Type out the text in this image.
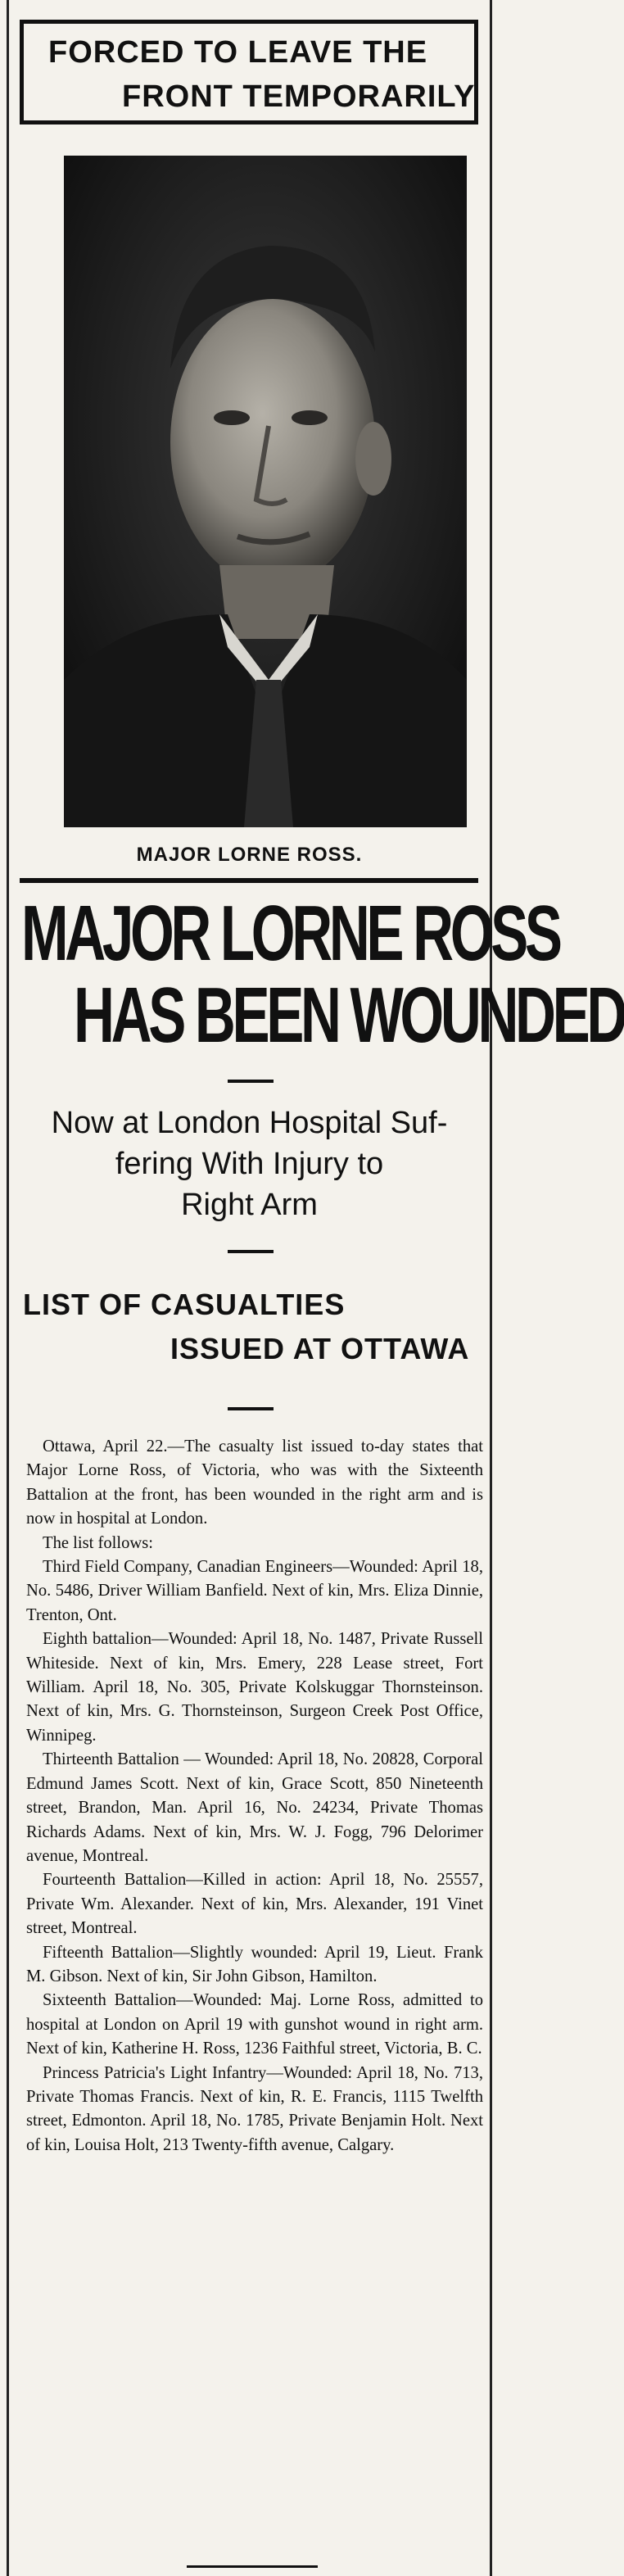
FORCED TO LEAVE THE
FRONT TEMPORARILY
MAJOR LORNE ROSS.
MAJOR LORNE ROSS
HAS BEEN WOUNDED
Now at London Hospital Suf-
fering With Injury to
Right Arm
LIST OF CASUALTIES
ISSUED AT OTTAWA

Ottawa, April 22.—The casualty list issued to-day states that Major Lorne Ross, of Victoria, who was with the Sixteenth Battalion at the front, has been wounded in the right arm and is now in hospital at London.

The list follows:

Third Field Company, Canadian Engineers—Wounded: April 18, No. 5486, Driver William Banfield. Next of kin, Mrs. Eliza Dinnie, Trenton, Ont.

Eighth battalion—Wounded: April 18, No. 1487, Private Russell Whiteside. Next of kin, Mrs. Emery, 228 Lease street, Fort William. April 18, No. 305, Private Kolskuggar Thornsteinson. Next of kin, Mrs. G. Thornsteinson, Surgeon Creek Post Office, Winnipeg.

Thirteenth Battalion — Wounded: April 18, No. 20828, Corporal Edmund James Scott. Next of kin, Grace Scott, 850 Nineteenth street, Brandon, Man. April 16, No. 24234, Private Thomas Richards Adams. Next of kin, Mrs. W. J. Fogg, 796 Delorimer avenue, Montreal.

Fourteenth Battalion—Killed in action: April 18, No. 25557, Private Wm. Alexander. Next of kin, Mrs. Alexander, 191 Vinet street, Montreal.

Fifteenth Battalion—Slightly wounded: April 19, Lieut. Frank M. Gibson. Next of kin, Sir John Gibson, Hamilton.

Sixteenth Battalion—Wounded: Maj. Lorne Ross, admitted to hospital at London on April 19 with gunshot wound in right arm. Next of kin, Katherine H. Ross, 1236 Faithful street, Victoria, B. C.

Princess Patricia's Light Infantry—Wounded: April 18, No. 713, Private Thomas Francis. Next of kin, R. E. Francis, 1115 Twelfth street, Edmonton. April 18, No. 1785, Private Benjamin Holt. Next of kin, Louisa Holt, 213 Twenty-fifth avenue, Calgary.
